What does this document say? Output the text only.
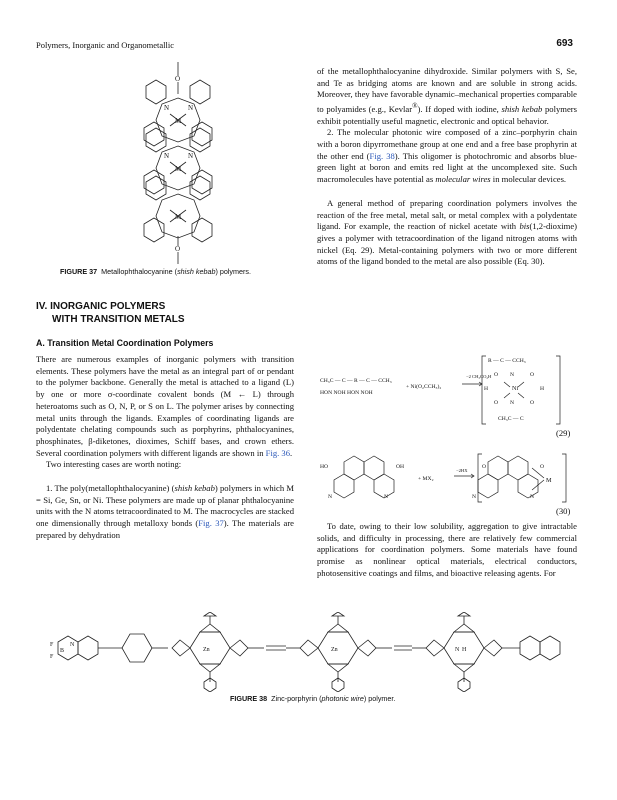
Polymers, Inorganic and Organometallic	693
O
M
M
M
O
N	N
N	N
FIGURE 37 Metallophthalocyanine (shish kebab) polymers.
IV. INORGANIC POLYMERS
WITH TRANSITION METALS
A. Transition Metal Coordination Polymers

There are numerous examples of inorganic polymers with transition elements. These polymers have the metal as an integral part of or pendant to the polymer backbone. Generally the metal is attached to a ligand (L) by one or more σ-coordinate covalent bonds (M ← L) through heteroatoms such as O, N, P, or S on L. The polymer arises by connecting metal units through the ligands. Examples of coordinating ligands are polydentate chelating compounds such as porphyrins, phthalocyanines, phosphinates, β-diketones, dioximes, Schiff bases, and crown ethers. Several coordination polymers with different ligands are shown in Fig. 36.

Two interesting cases are worth noting:

1. The poly(metallophthalocyanine) (shish kebab) polymers in which M = Si, Ge, Sn, or Ni. These polymers are made up of planar phthalocyanine units with the N atoms tetracoordinated to M. The macrocycles are stacked one dimensionally through metalloxy bonds (Fig. 37). The materials are prepared by dehydration

of the metallophthalocyanine dihydroxide. Similar polymers with S, Se, and Te as bridging atoms are known and are soluble in strong acids. Moreover, they have favorable dynamic–mechanical properties comparable to polyamides (e.g., Kevlar®). If doped with iodine, shish kebab polymers exhibit potentially useful magnetic, electronic and optical behavior.

2. The molecular photonic wire composed of a zinc–porphyrin chain with a boron dipyrromethane group at one end and a free base prophyrin at the other end (Fig. 38). This oligomer is photochromic and absorbs blue-green light at boron and emits red light at the uncomplexed site. Such macromolecules have potential as molecular wires in molecular devices.

A general method of preparing coordination polymers involves the reaction of the free metal, metal salt, or metal complex with a polydentate ligand. For example, the reaction of nickel acetate with bis(1,2-dioxime) gives a polymer with tetracoordination of the ligand nitrogen atoms with nickel (Eq. 29). Metal-containing polymers with two or more different atoms of the ligand bonded to the metal are also possible (Eq. 30).

CH₃C — C — R — C — CCH₃
HON NOH HON NOH
+ Ni(O₂CCH₃)₂
−2 CH₃CO₂H
R — C — CCH₃
CH₃C — C
Ni
O	O
O	O
N
N
H	H
(29)
HO	OH
N	N
+ MX₂
−2HX
O	O
M
N	N
(30)

To date, owing to their low solubility, aggregation to give intractable solids, and difficulty in processing, there are relatively few commercial applications for coordination polymers. Some materials have found promise as nonlinear optical materials, electrical conductors, photosensitive coatings and films, and bioactive releasing agents. For

F
F
B
N
Zn	Zn	N H
FIGURE 38 Zinc-porphyrin (photonic wire) polymer.
